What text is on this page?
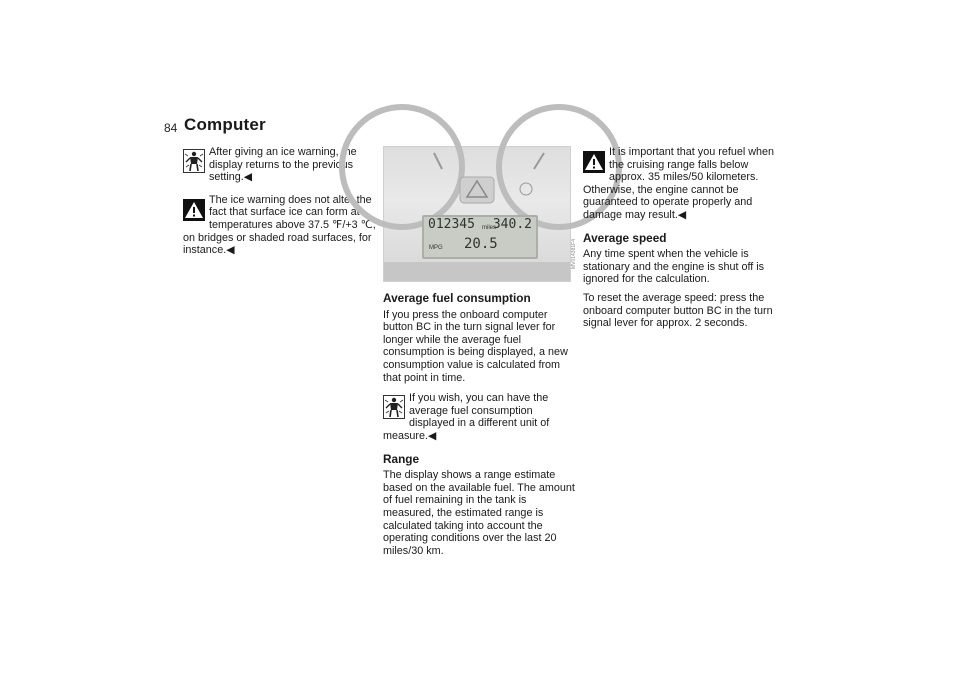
84 Computer

After giving an ice warning, the display returns to the previous setting.◀

The ice warning does not alter the fact that surface ice can form at temperatures above 37.5 ℉/+3 ℃, on bridges or shaded road surfaces, for instance.◀	MV014381F4
012345 miles
340.2
MPG 20.5
Average fuel consumption

If you press the onboard computer button BC in the turn signal lever for longer while the average fuel consumption is being displayed, a new consumption value is calculated from that point in time.

If you wish, you can have the average fuel consumption displayed in a different unit of measure.◀

Range

The display shows a range estimate based on the available fuel. The amount of fuel remaining in the tank is measured, the estimated range is calculated taking into account the operating conditions over the last 20 miles/30 km.

It is important that you refuel when the cruising range falls below approx. 35 miles/50 kilometers. Otherwise, the engine cannot be guaranteed to operate properly and damage may result.◀

Average speed

Any time spent when the vehicle is stationary and the engine is shut off is ignored for the calculation.

To reset the average speed: press the onboard computer button BC in the turn signal lever for approx. 2 seconds.
